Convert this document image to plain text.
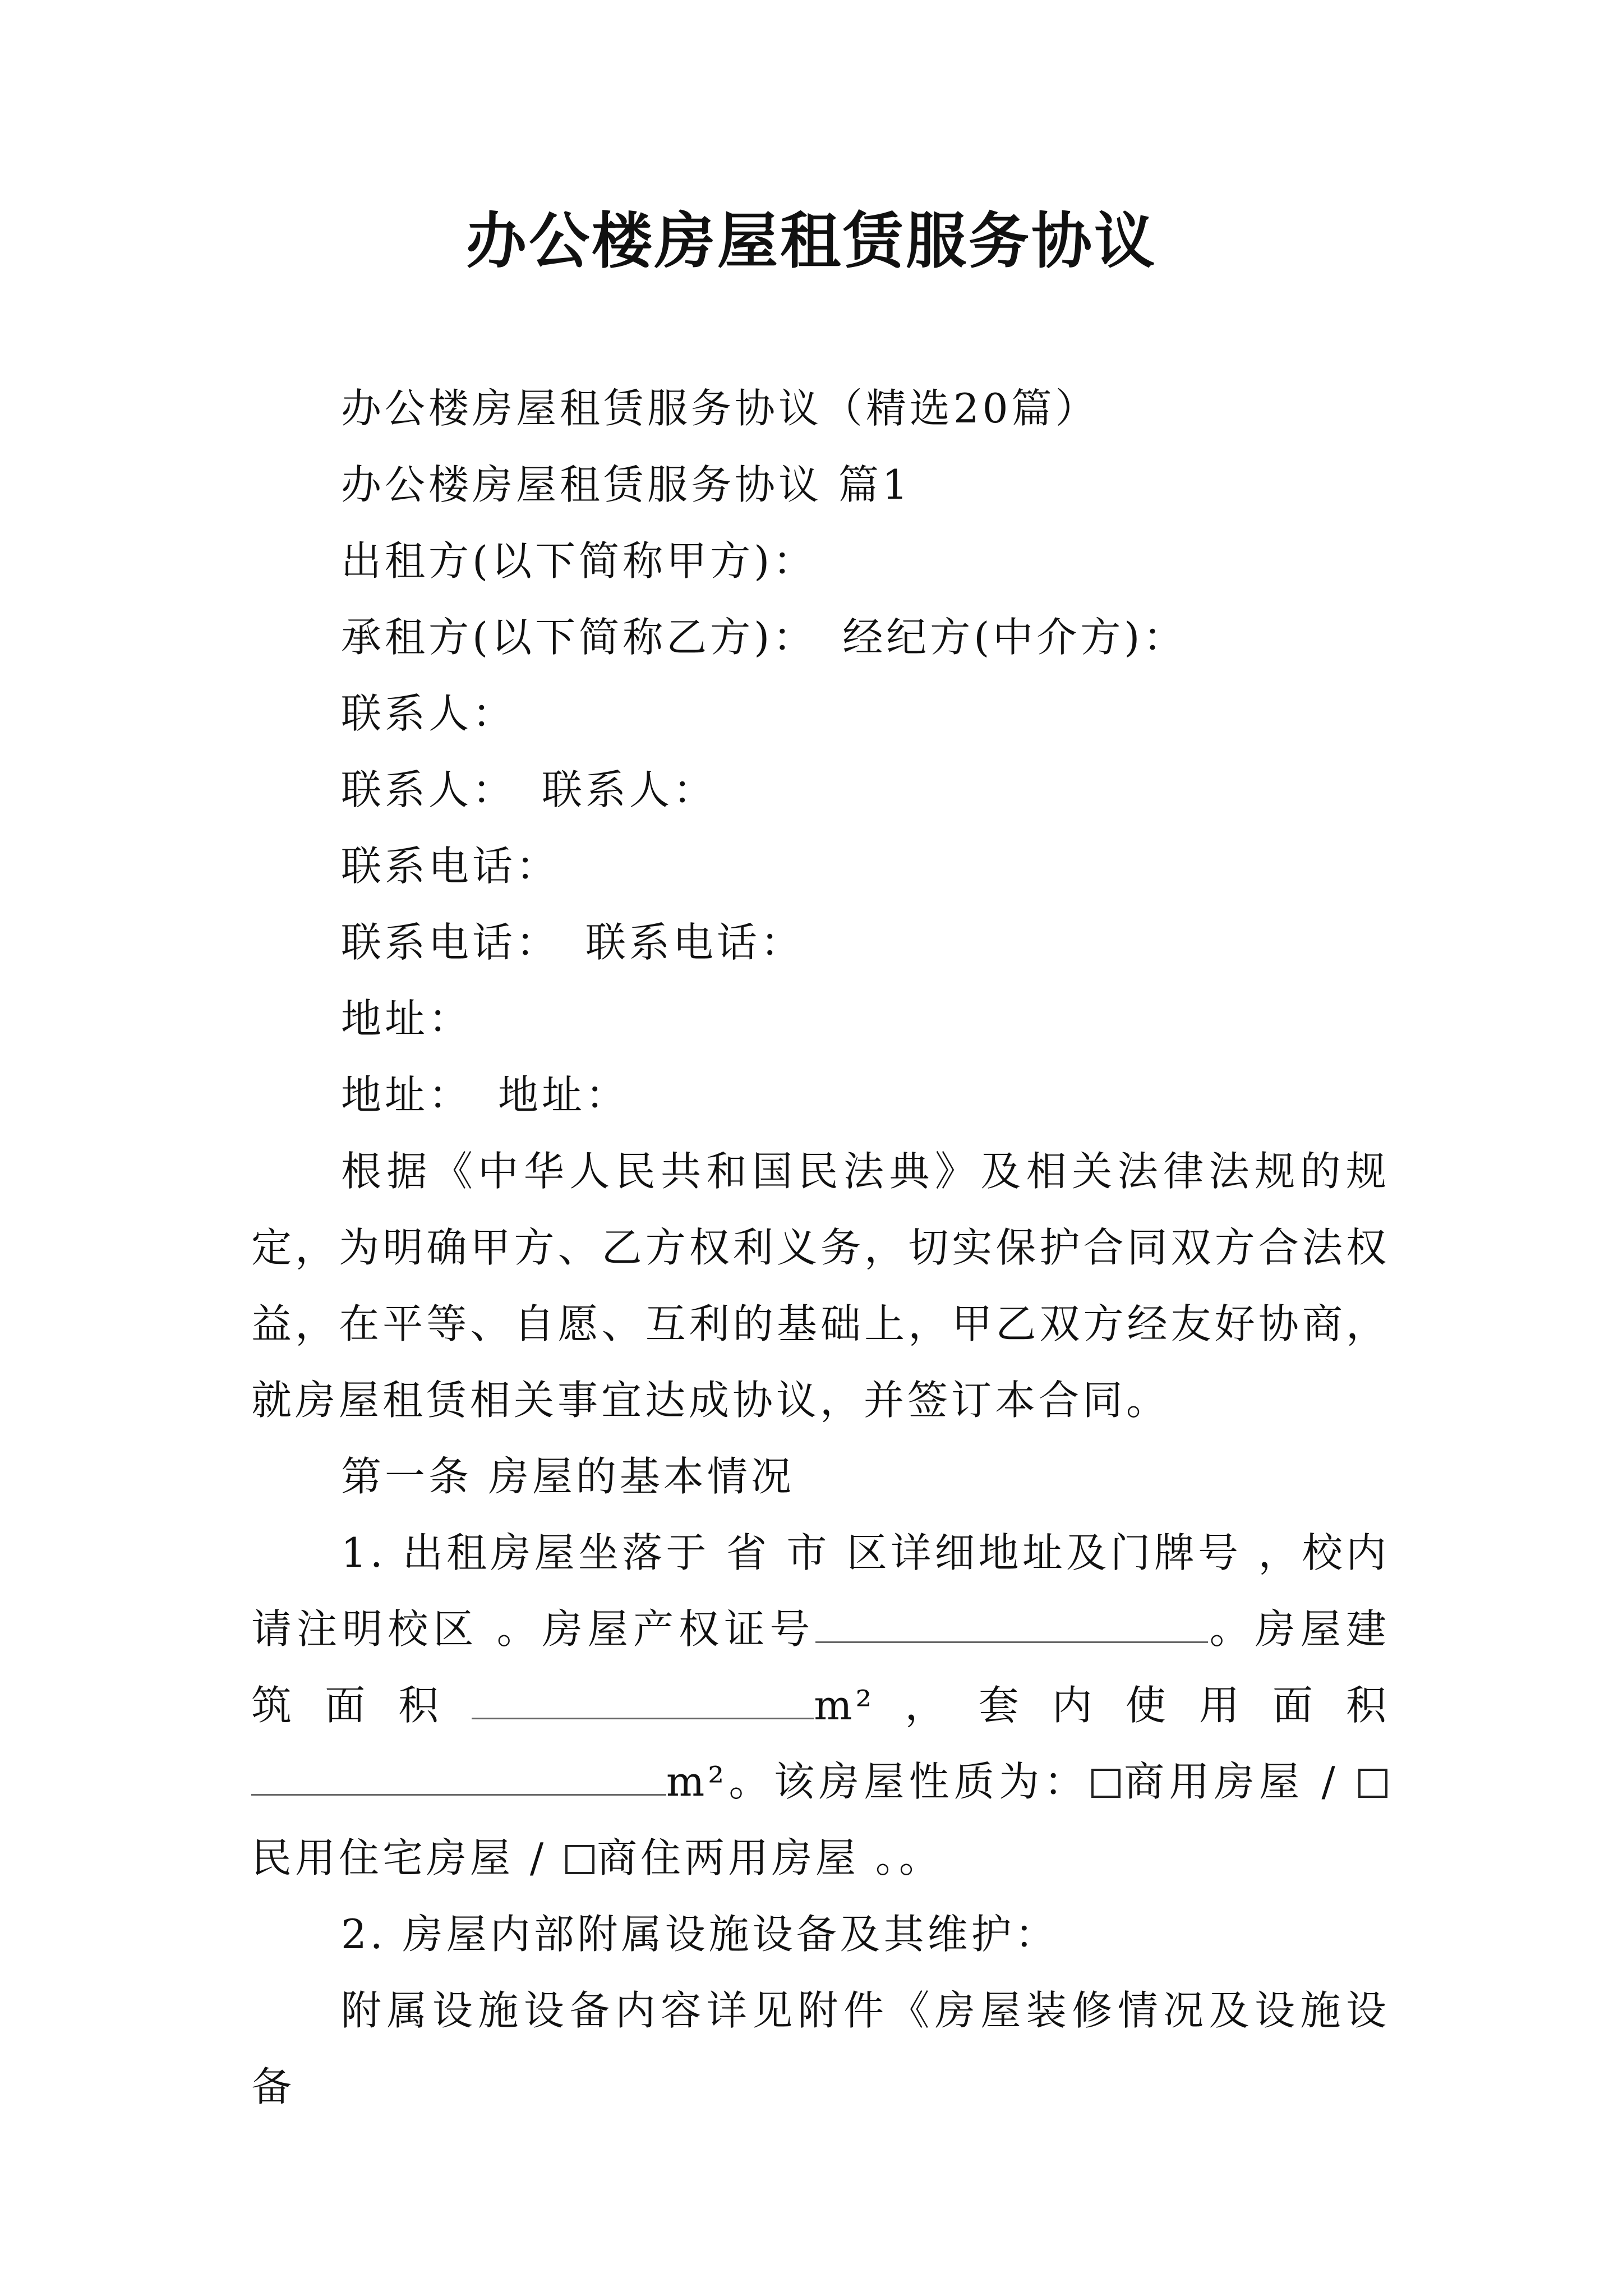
办公楼房屋租赁服务协议

办公楼房屋租赁服务协议（精选20篇）

办公楼房屋租赁服务协议 篇1

出租方(以下简称甲方)：

承租方(以下简称乙方)： 经纪方(中介方)：

联系人：

联系人： 联系人：

联系电话：

联系电话： 联系电话：

地址：

地址： 地址：

根据《中华人民共和国民法典》及相关法律法规的规定，为明确甲方、乙方权利义务，切实保护合同双方合法权益，在平等、自愿、互利的基础上，甲乙双方经友好协商，就房屋租赁相关事宜达成协议，并签订本合同。

第一条 房屋的基本情况

1. 出租房屋坐落于 省 市 区详细地址及门牌号 ，校内请注明校区 。房屋产权证号	。房屋建筑面积	m²，套内使用面积m²。该房屋性质为： 商用房屋 / 民用住宅房屋 / 商住两用房屋 。。

2. 房屋内部附属设施设备及其维护：

附属设施设备内容详见附件《房屋装修情况及设施设备
